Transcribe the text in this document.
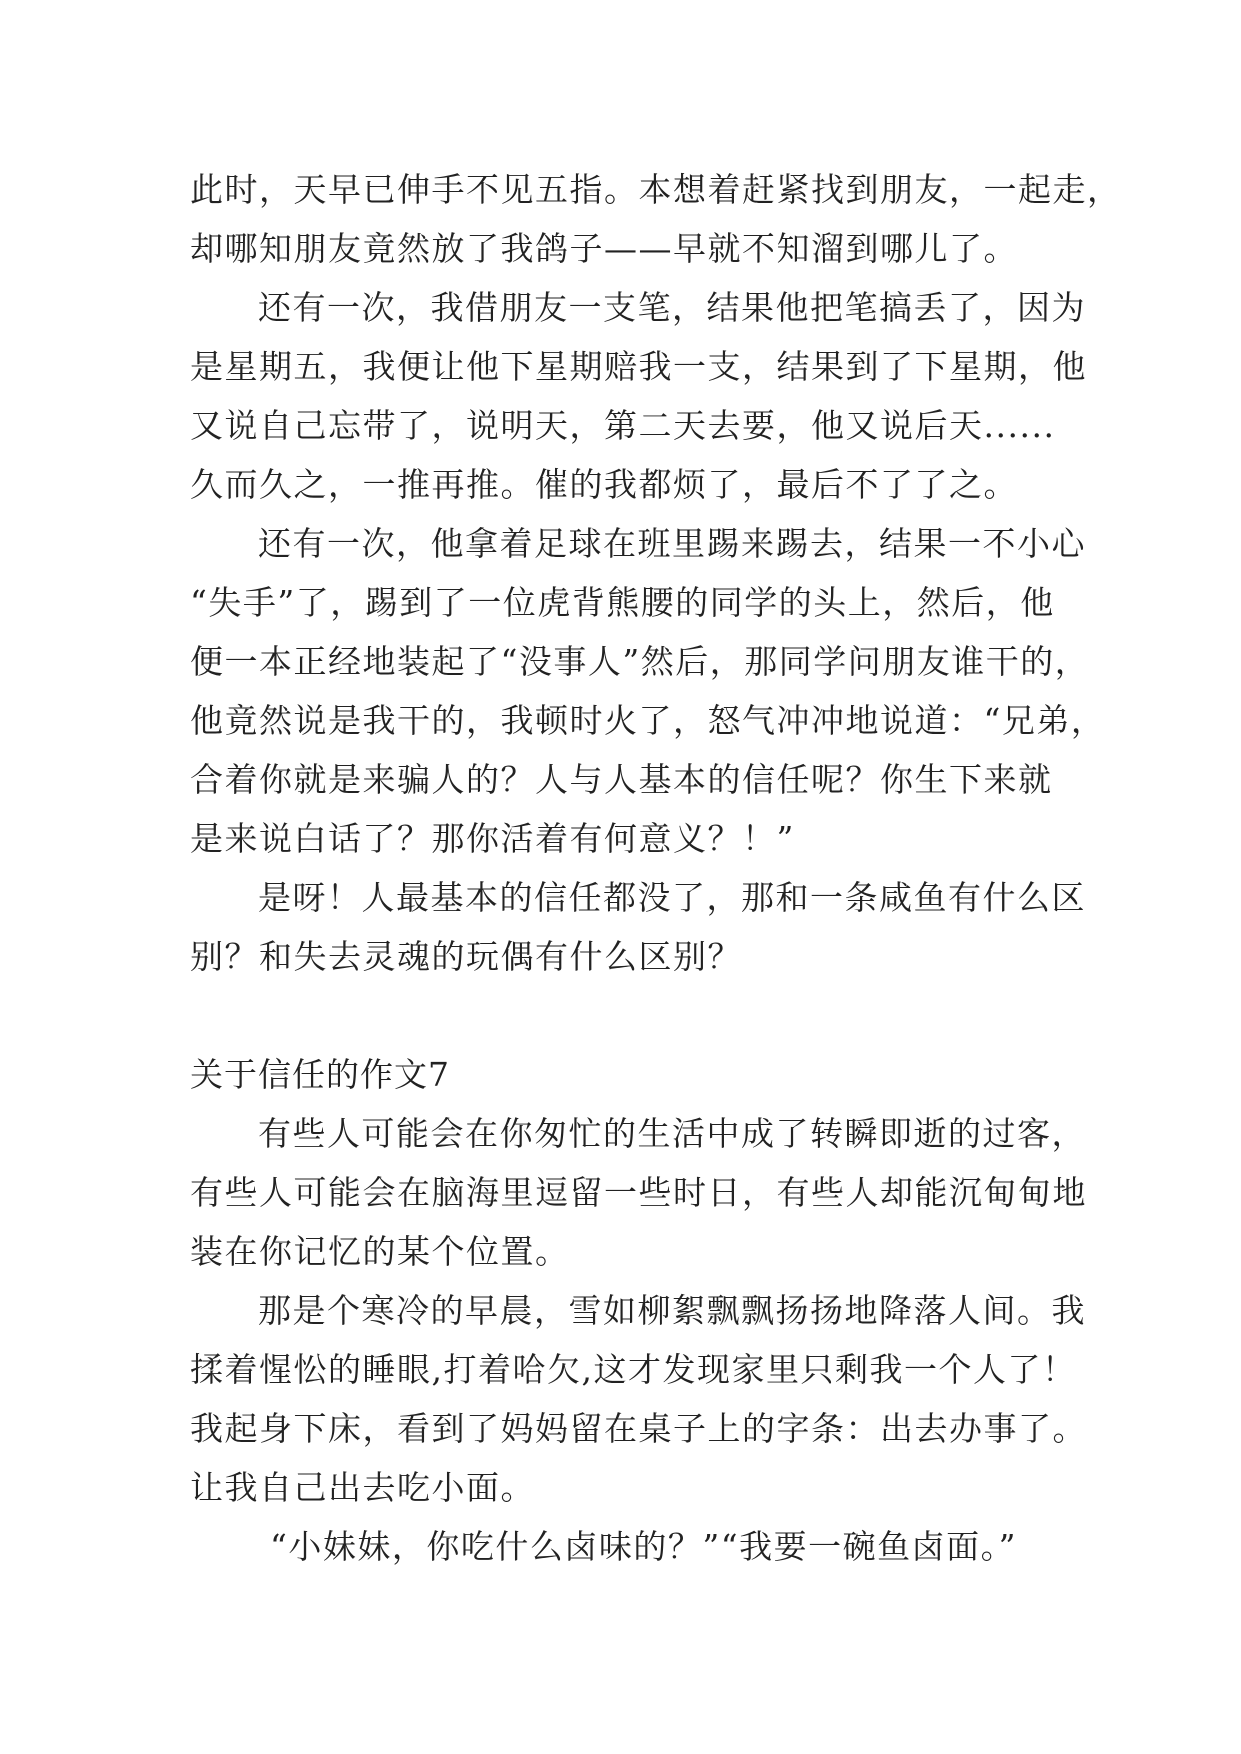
此时，天早已伸手不见五指。本想着赶紧找到朋友，一起走，
却哪知朋友竟然放了我鸽子——早就不知溜到哪儿了。
还有一次，我借朋友一支笔，结果他把笔搞丢了，因为
是星期五，我便让他下星期赔我一支，结果到了下星期，他
又说自己忘带了，说明天，第二天去要，他又说后天......
久而久之，一推再推。催的我都烦了，最后不了了之。
还有一次，他拿着足球在班里踢来踢去，结果一不小心
“失手”了，踢到了一位虎背熊腰的同学的头上，然后，他
便一本正经地装起了“没事人”然后，那同学问朋友谁干的，
他竟然说是我干的，我顿时火了，怒气冲冲地说道：“兄弟，
合着你就是来骗人的？人与人基本的信任呢？你生下来就
是来说白话了？那你活着有何意义？！”
是呀！人最基本的信任都没了，那和一条咸鱼有什么区
别？和失去灵魂的玩偶有什么区别？
关于信任的作文7
有些人可能会在你匆忙的生活中成了转瞬即逝的过客，
有些人可能会在脑海里逗留一些时日，有些人却能沉甸甸地
装在你记忆的某个位置。
那是个寒冷的早晨，雪如柳絮飘飘扬扬地降落人间。我
揉着惺忪的睡眼,打着哈欠,这才发现家里只剩我一个人了！
我起身下床，看到了妈妈留在桌子上的字条：出去办事了。
让我自己出去吃小面。
“小妹妹，你吃什么卤味的？”“我要一碗鱼卤面。”
